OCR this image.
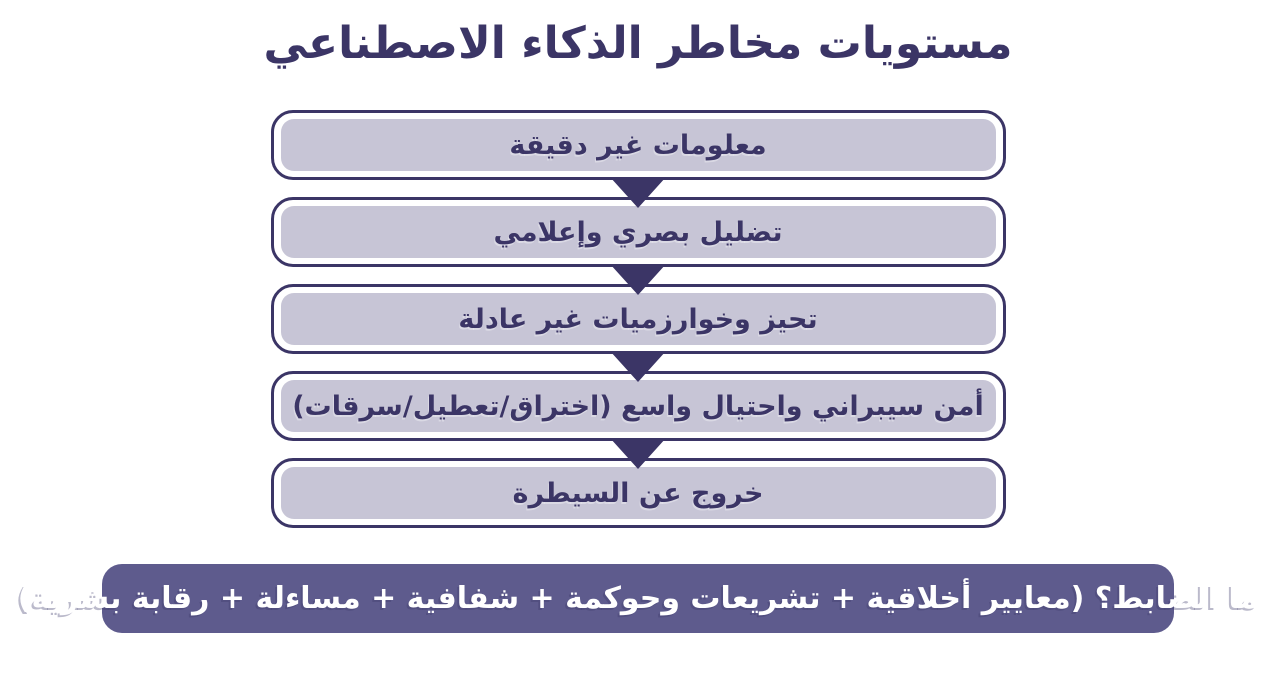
مستويات مخاطر الذكاء الاصطناعي
معلومات غير دقيقة
تضليل بصري وإعلامي
تحيز وخوارزميات غير عادلة
أمن سيبراني واحتيال واسع (اختراق/تعطيل/سرقات)
خروج عن السيطرة
ما الضابط؟ (معايير أخلاقية + تشريعات وحوكمة + شفافية + مساءلة + رقابة بشرية)
